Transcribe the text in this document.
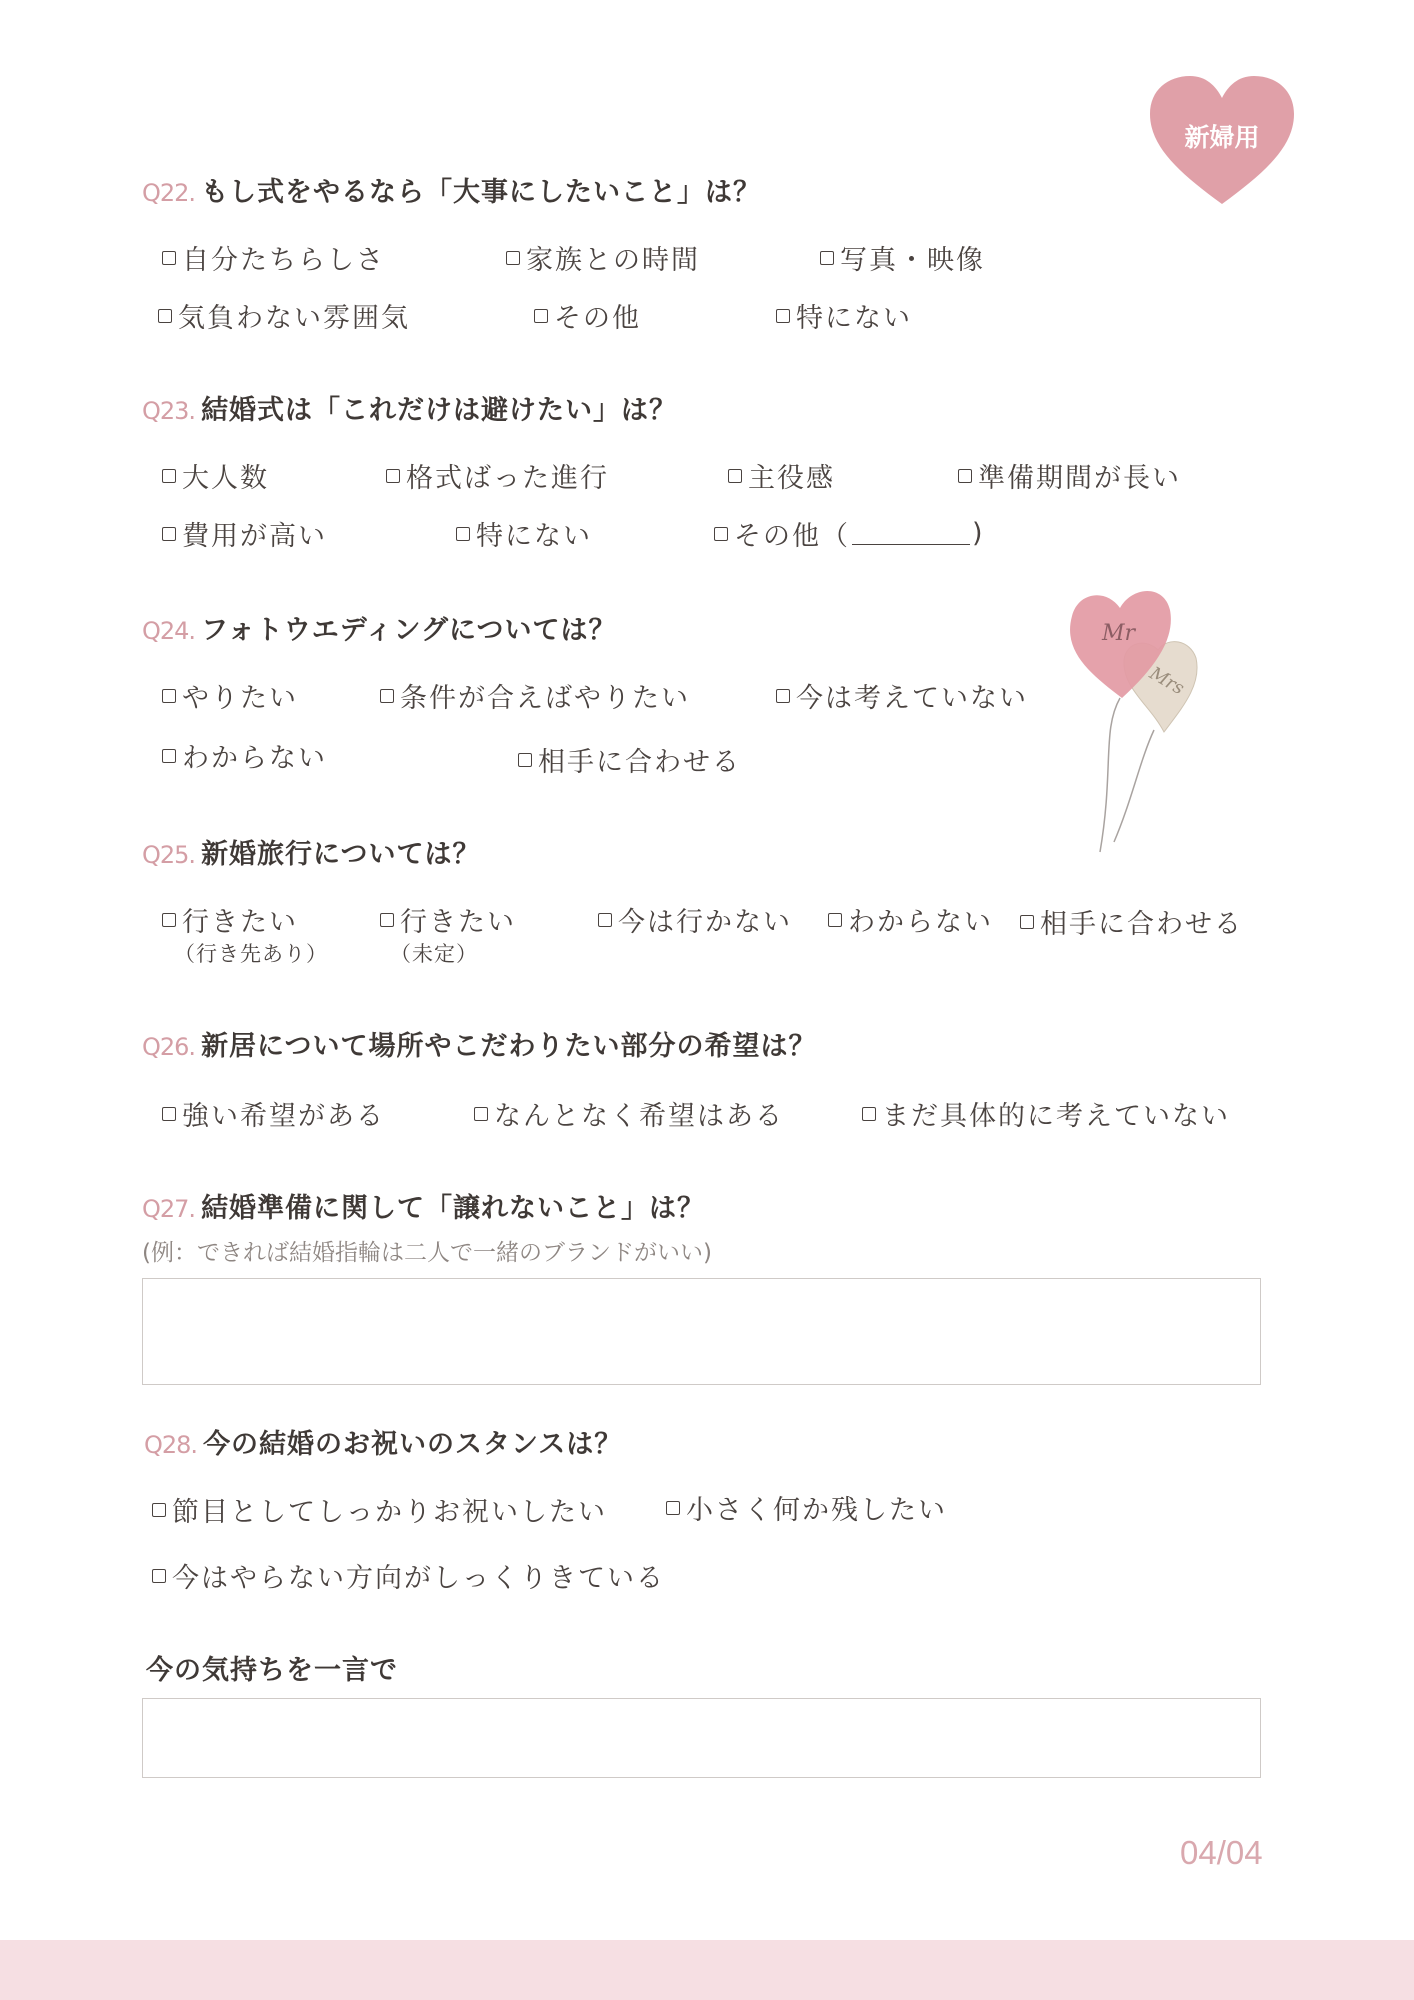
新婦用
Q22. もし式をやるなら「大事にしたいこと」は？
自分たちらしさ	家族との時間	写真・映像
気負わない雰囲気	その他	特にない
Q23. 結婚式は「これだけは避けたい」は？
大人数	格式ばった進行	主役感	準備期間が長い
費用が高い	特にない	その他（	)
Q24. フォトウエディングについては？
やりたい	条件が合えばやりたい	今は考えていない
わからない	相手に合わせる
Mr
Mrs
Q25. 新婚旅行については？
行きたい
（行き先あり）
行きたい
（未定）
今は行かない わからない 相手に合わせる
Q26. 新居について場所やこだわりたい部分の希望は？
強い希望がある	なんとなく希望はある	まだ具体的に考えていない
Q27. 結婚準備に関して「譲れないこと」は？
(例：できれば結婚指輪は二人で一緒のブランドがいい)
Q28. 今の結婚のお祝いのスタンスは？
節目としてしっかりお祝いしたい	小さく何か残したい
今はやらない方向がしっくりきている
今の気持ちを一言で
04/04
